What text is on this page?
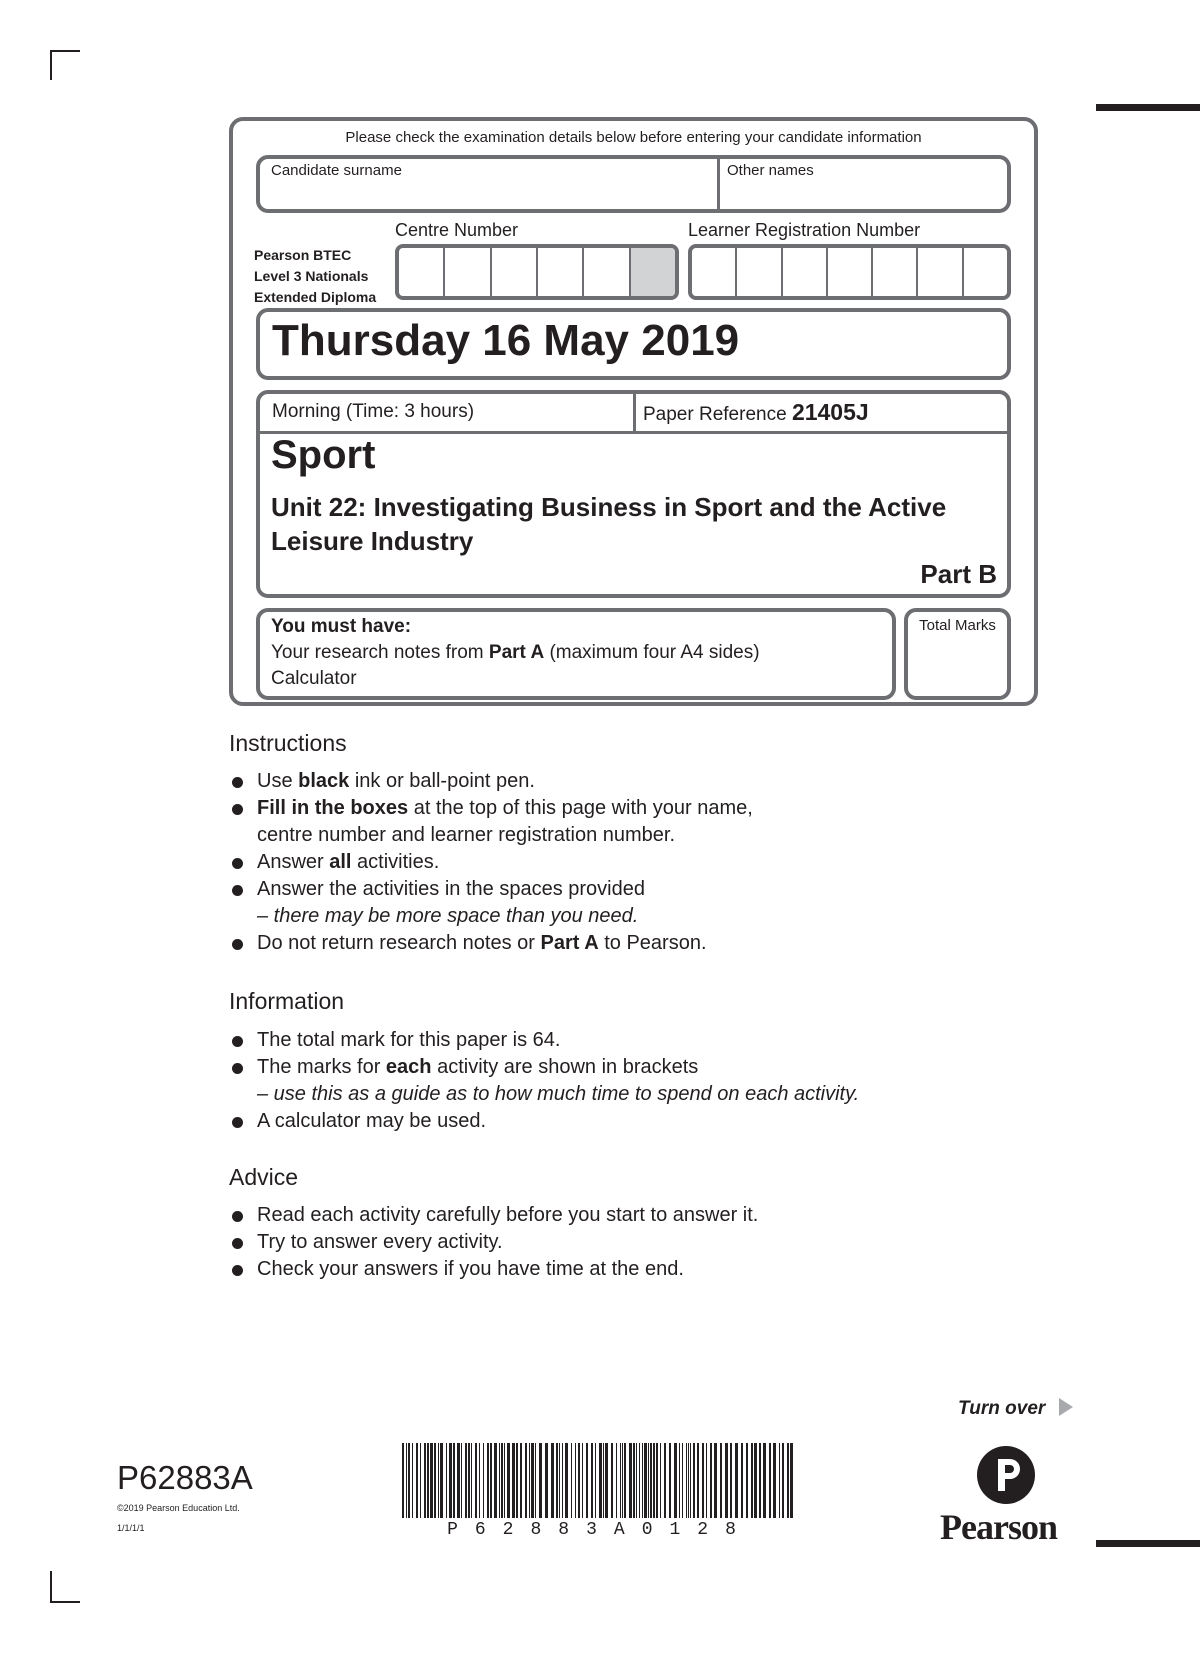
Please check the examination details below before entering your candidate information
Candidate surname	Other names
Pearson BTEC
Level 3 Nationals
Extended Diploma
Centre Number	Learner Registration Number
Thursday 16 May 2019
Morning (Time: 3 hours)	Paper Reference 21405J
Sport
Unit 22: Investigating Business in Sport and the Active Leisure Industry
Part B
You must have:
Your research notes from Part A (maximum four A4 sides)
Calculator
Total Marks
Instructions
Use black ink or ball-point pen.
Fill in the boxes at the top of this page with your name,
centre number and learner registration number.
Answer all activities.
Answer the activities in the spaces provided
– there may be more space than you need.
Do not return research notes or Part A to Pearson.
Information
The total mark for this paper is 64.
The marks for each activity are shown in brackets
– use this as a guide as to how much time to spend on each activity.
A calculator may be used.
Advice
Read each activity carefully before you start to answer it.
Try to answer every activity.
Check your answers if you have time at the end.
Turn over
P62883A
©2019 Pearson Education Ltd.
1/1/1/1	P62883A0128	Pearson
